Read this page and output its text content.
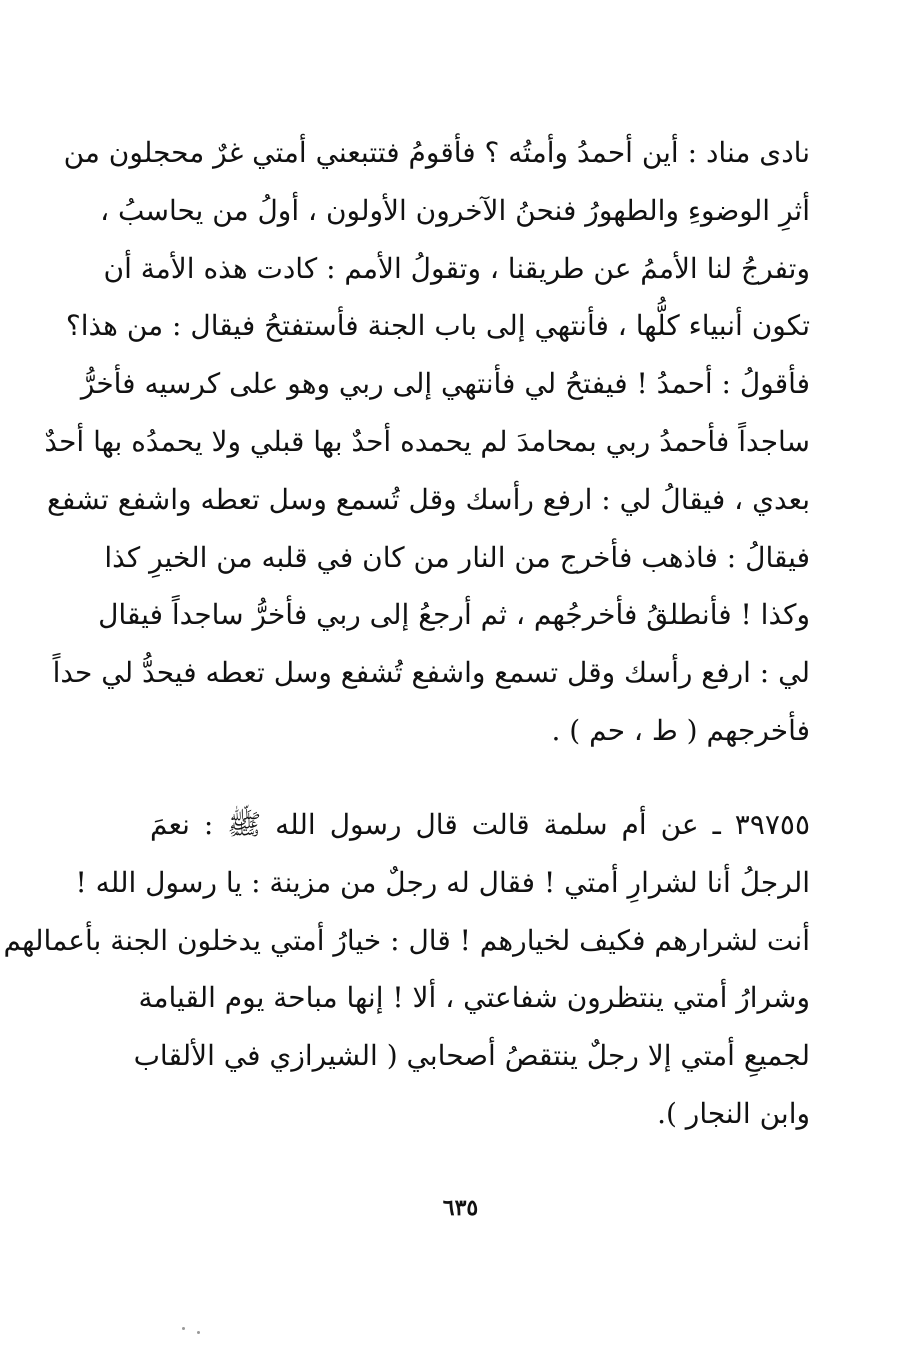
نادى مناد : أين أحمدُ وأمتُه ؟ فأقومُ فتتبعني أمتي غرٌ محجلون من
أثرِ الوضوءِ والطهورُ فنحنُ الآخرون الأولون ، أولُ من يحاسبُ ،
وتفرجُ لنا الأممُ عن طريقنا ، وتقولُ الأمم : كادت هذه الأمة أن
تكون أنبياء كلُّها ، فأنتهي إلى باب الجنة فأستفتحُ فيقال : من هذا؟
فأقولُ : أحمدُ ! فيفتحُ لي فأنتهي إلى ربي وهو على كرسيه فأخرُّ
ساجداً فأحمدُ ربي بمحامدَ لم يحمده أحدٌ بها قبلي ولا يحمدُه بها أحدٌ
بعدي ، فيقالُ لي : ارفع رأسك وقل تُسمع وسل تعطه واشفع تشفع
فيقالُ : فاذهب فأخرج من النار من كان في قلبه من الخيرِ كذا
وكذا ! فأنطلقُ فأخرجُهم ، ثم أرجعُ إلى ربي فأخرُّ ساجداً فيقال
لي : ارفع رأسك وقل تسمع واشفع تُشفع وسل تعطه فيحدُّ لي حداً
فأخرجهم ( ط ، حم ) .
٣٩٧٥٥ ـ عن أم سلمة قالت قال رسول الله ﷺ : نعمَ
الرجلُ أنا لشرارِ أمتي ! فقال له رجلٌ من مزينة : يا رسول الله !
أنت لشرارهم فكيف لخيارهم ! قال : خيارُ أمتي يدخلون الجنة بأعمالهم
وشرارُ أمتي ينتظرون شفاعتي ، ألا ! إنها مباحة يوم القيامة
لجميعِ أمتي إلا رجلٌ ينتقصُ أصحابي ( الشيرازي في الألقاب
وابن النجار ).
٦٣٥
